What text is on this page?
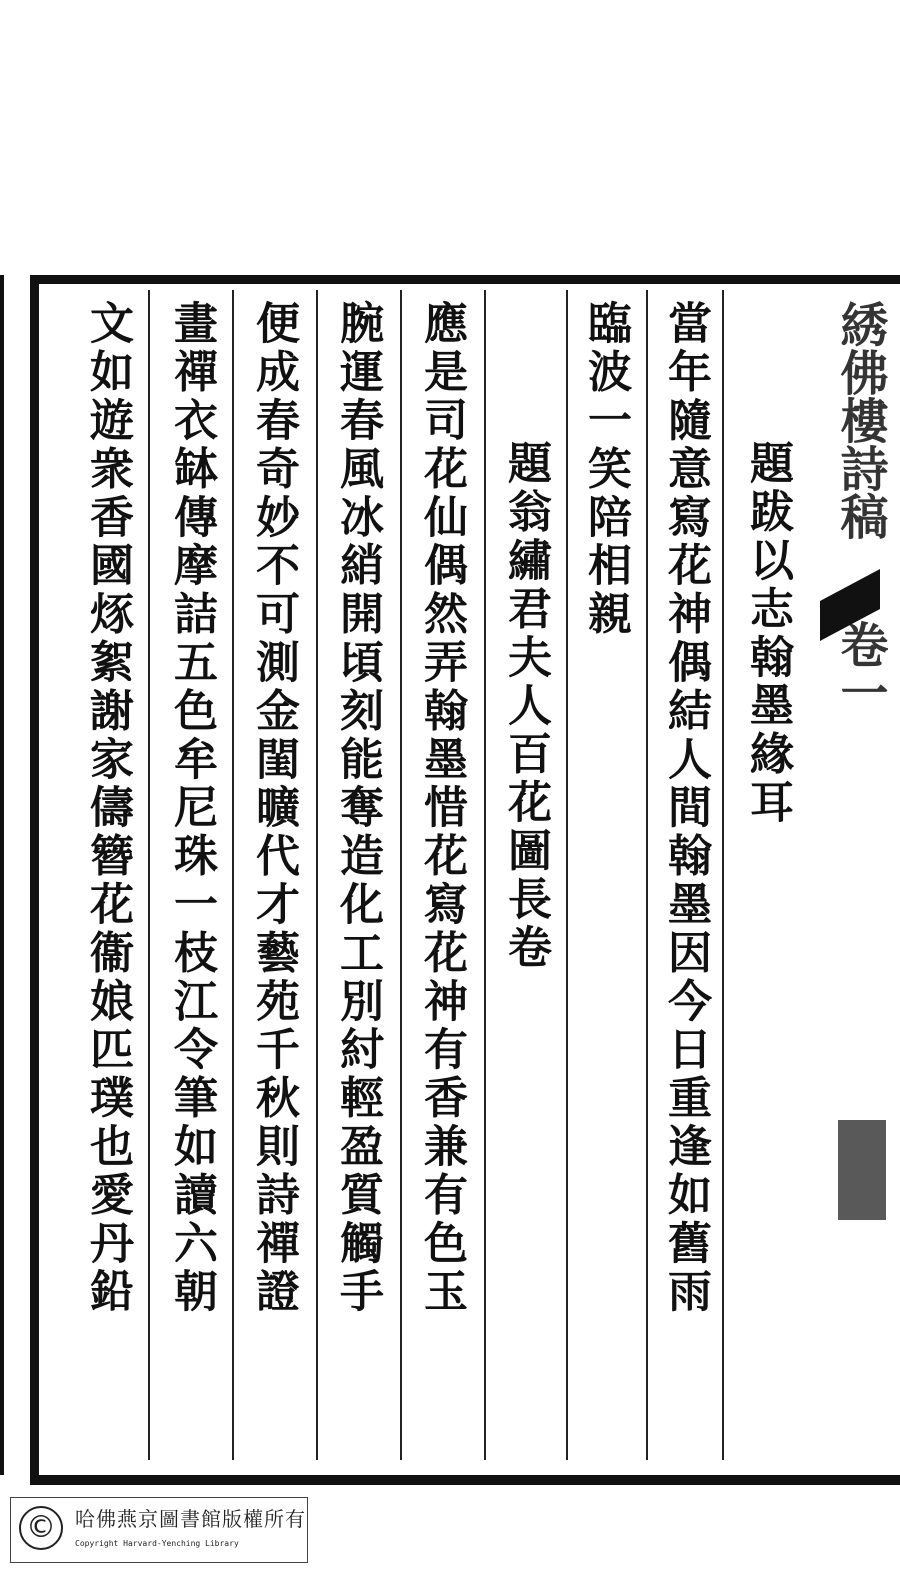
當年隨意寫花神偶結人間翰墨因今日重逢如舊雨 題跋以志翰墨緣耳
臨波一笑陪相親
題翁繡君夫人百花圖長卷
應是司花仙偶然弄翰墨惜花寫花神有香兼有色玉
腕運春風冰綃開頃刻能奪造化工別紂輕盈質觸手
便成春奇妙不可測金閨曠代才藝苑千秋則詩禪證
畫禪衣缽傳摩詰五色牟尼珠一枝江令筆如讀六朝
文如遊衆香國烼絮謝家儔簪花衞娘匹璞也愛丹鉛	綉佛樓詩稿
卷一
© 哈佛燕京圖書館版權所有
Copyright Harvard-Yenching Library
